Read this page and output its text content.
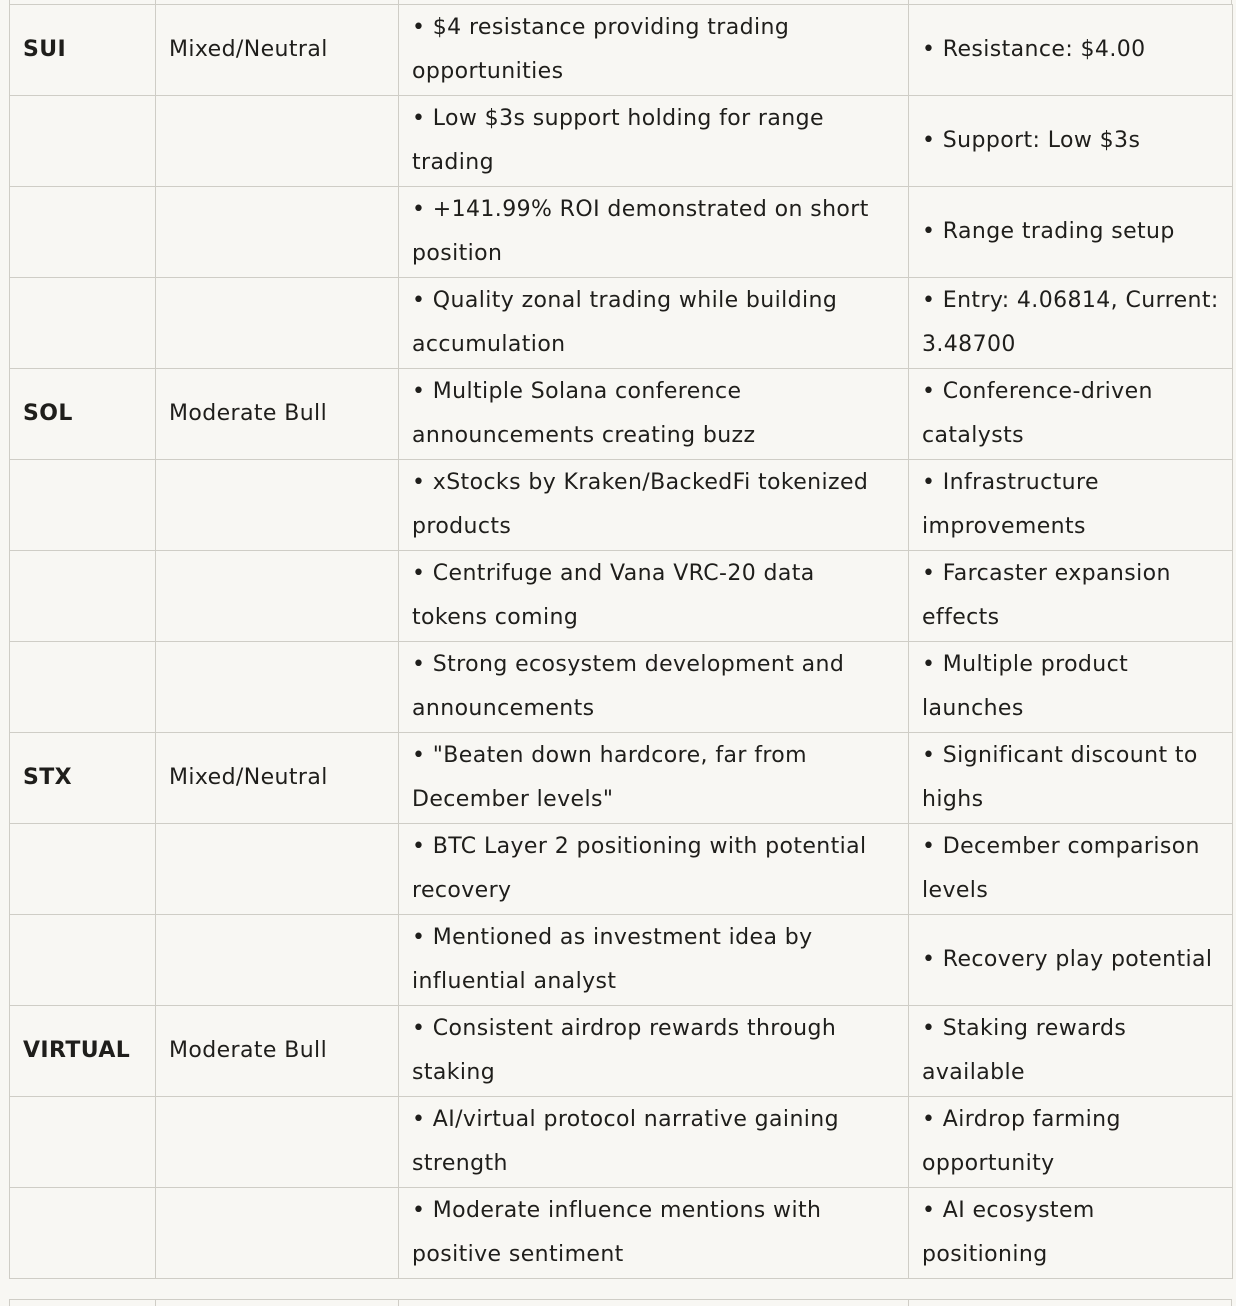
SUI	Mixed/Neutral	• $4 resistance providing trading opportunities	• Resistance: $4.00
		• Low $3s support holding for range trading	• Support: Low $3s
		• +141.99% ROI demonstrated on short position	• Range trading setup
		• Quality zonal trading while building accumulation	• Entry: 4.06814, Current: 3.48700
SOL	Moderate Bull	• Multiple Solana conference announcements creating buzz	• Conference-driven catalysts
		• xStocks by Kraken/BackedFi tokenized products	• Infrastructure improvements
		• Centrifuge and Vana VRC-20 data tokens coming	• Farcaster expansion effects
		• Strong ecosystem development and announcements	• Multiple product launches
STX	Mixed/Neutral	• "Beaten down hardcore, far from December levels"	• Significant discount to highs
		• BTC Layer 2 positioning with potential recovery	• December comparison levels
		• Mentioned as investment idea by influential analyst	• Recovery play potential
VIRTUAL	Moderate Bull	• Consistent airdrop rewards through staking	• Staking rewards available
		• AI/virtual protocol narrative gaining strength	• Airdrop farming opportunity
		• Moderate influence mentions with positive sentiment	• AI ecosystem positioning
